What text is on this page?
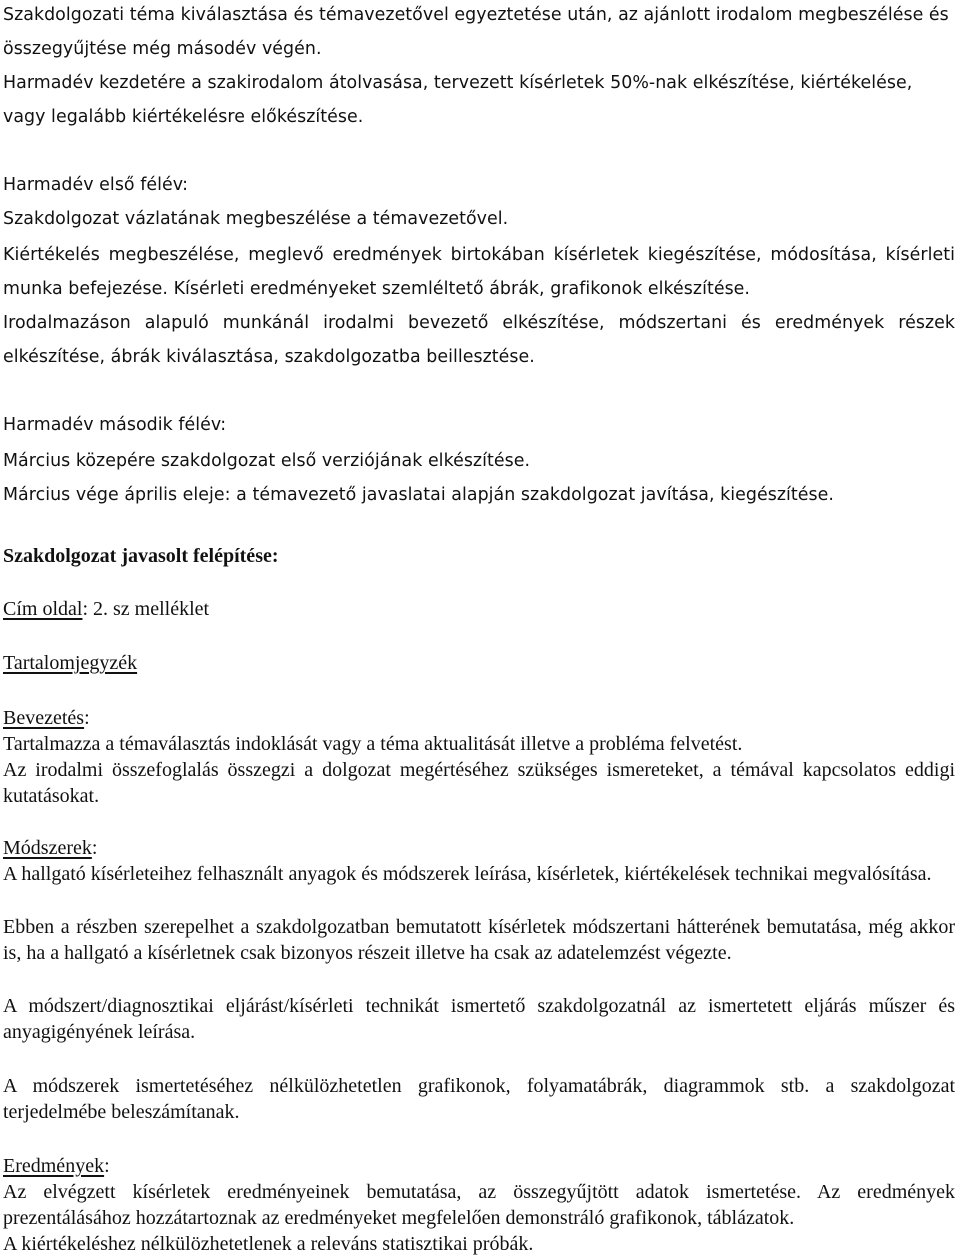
Szakdolgozati téma kiválasztása és témavezetővel egyeztetése után, az ajánlott irodalom megbeszélése és összegyűjtése még másodév végén.

Harmadév kezdetére a szakirodalom átolvasása, tervezett kísérletek 50%-nak elkészítése, kiértékelése, vagy legalább kiértékelésre előkészítése.

Harmadév első félév:

Szakdolgozat vázlatának megbeszélése a témavezetővel.

Kiértékelés megbeszélése, meglevő eredmények birtokában kísérletek kiegészítése, módosítása, kísérleti munka befejezése. Kísérleti eredményeket szemléltető ábrák, grafikonok elkészítése.

Irodalmazáson alapuló munkánál irodalmi bevezető elkészítése, módszertani és eredmények részek elkészítése, ábrák kiválasztása, szakdolgozatba beillesztése.

Harmadév második félév:

Március közepére szakdolgozat első verziójának elkészítése.

Március vége április eleje: a témavezető javaslatai alapján szakdolgozat javítása, kiegészítése.

Szakdolgozat javasolt felépítése:

Cím oldal: 2. sz melléklet

Tartalomjegyzék

Bevezetés:

Tartalmazza a témaválasztás indoklását vagy a téma aktualitását illetve a probléma felvetést.

Az irodalmi összefoglalás összegzi a dolgozat megértéséhez szükséges ismereteket, a témával kapcsolatos eddigi kutatásokat.

Módszerek:

A hallgató kísérleteihez felhasznált anyagok és módszerek leírása, kísérletek, kiértékelések technikai megvalósítása.

Ebben a részben szerepelhet a szakdolgozatban bemutatott kísérletek módszertani hátterének bemutatása, még akkor is, ha a hallgató a kísérletnek csak bizonyos részeit illetve ha csak az adatelemzést végezte.

A módszert/diagnosztikai eljárást/kísérleti technikát ismertető szakdolgozatnál az ismertetett eljárás műszer és anyagigényének leírása.

A módszerek ismertetéséhez nélkülözhetetlen grafikonok, folyamatábrák, diagrammok stb. a szakdolgozat terjedelmébe beleszámítanak.

Eredmények:

Az elvégzett kísérletek eredményeinek bemutatása, az összegyűjtött adatok ismertetése. Az eredmények prezentálásához hozzátartoznak az eredményeket megfelelően demonstráló grafikonok, táblázatok.

A kiértékeléshez nélkülözhetetlenek a releváns statisztikai próbák.
